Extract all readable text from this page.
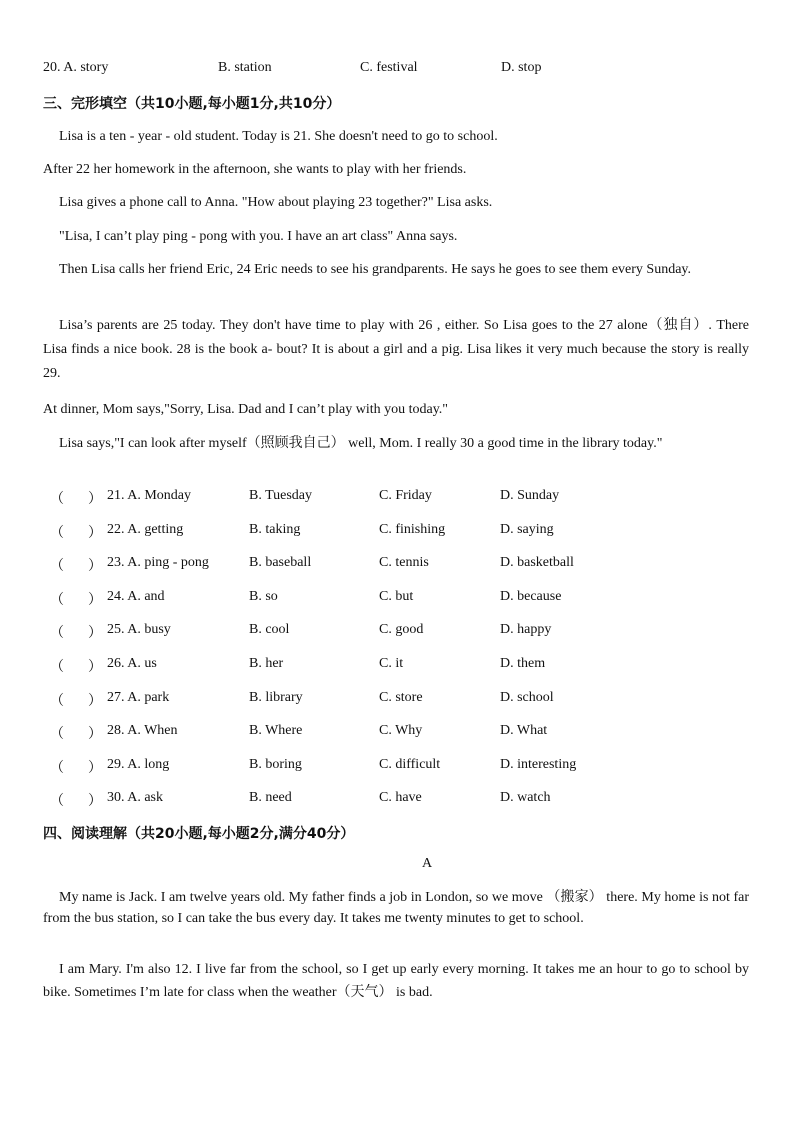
20. A. story	B. station	C. festival	D. stop
三、完形填空（共10小题,每小题1分,共10分）
Lisa is a ten - year - old student. Today is 21. She doesn't need to go to school.
After 22 her homework in the afternoon, she wants to play with her friends.
Lisa gives a phone call to Anna. "How about playing 23 together?" Lisa asks.
"Lisa, I can’t play ping - pong with you. I have an art class" Anna says.
Then Lisa calls her friend Eric, 24 Eric needs to see his grandparents. He says he goes to see them every Sunday.
Lisa’s parents are 25 today. They don't have time to play with 26 , either. So Lisa goes to the 27 alone（独自）. There Lisa finds a nice book. 28 is the book a- bout? It is about a girl and a pig. Lisa likes it very much because the story is really 29.
At dinner, Mom says,"Sorry, Lisa. Dad and I can’t play with you today."
Lisa says,"I can look after myself（照顾我自己） well, Mom. I really 30 a good time in the library today."
（ ） 21. A. Monday	B. Tuesday	C. Friday	D. Sunday
（ ） 22. A. getting	B. taking	C. finishing	D. saying
（ ） 23. A. ping - pong	B. baseball	C. tennis	D. basketball
（ ） 24. A. and	B. so	C. but	D. because
（ ） 25. A. busy	B. cool	C. good	D. happy
（ ） 26. A. us	B. her	C. it	D. them
（ ） 27. A. park	B. library	C. store	D. school
（ ） 28. A. When	B. Where	C. Why	D. What
（ ） 29. A. long	B. boring	C. difficult	D. interesting
（ ） 30. A. ask	B. need	C. have	D. watch
四、阅读理解（共20小题,每小题2分,满分40分）
A
My name is Jack. I am twelve years old. My father finds a job in London, so we move （搬家） there. My home is not far from the bus station, so I can take the bus every day. It takes me twenty minutes to get to school.
I am Mary. I'm also 12. I live far from the school, so I get up early every morning. It takes me an hour to go to school by bike. Sometimes I’m late for class when the weather（天气） is bad.
